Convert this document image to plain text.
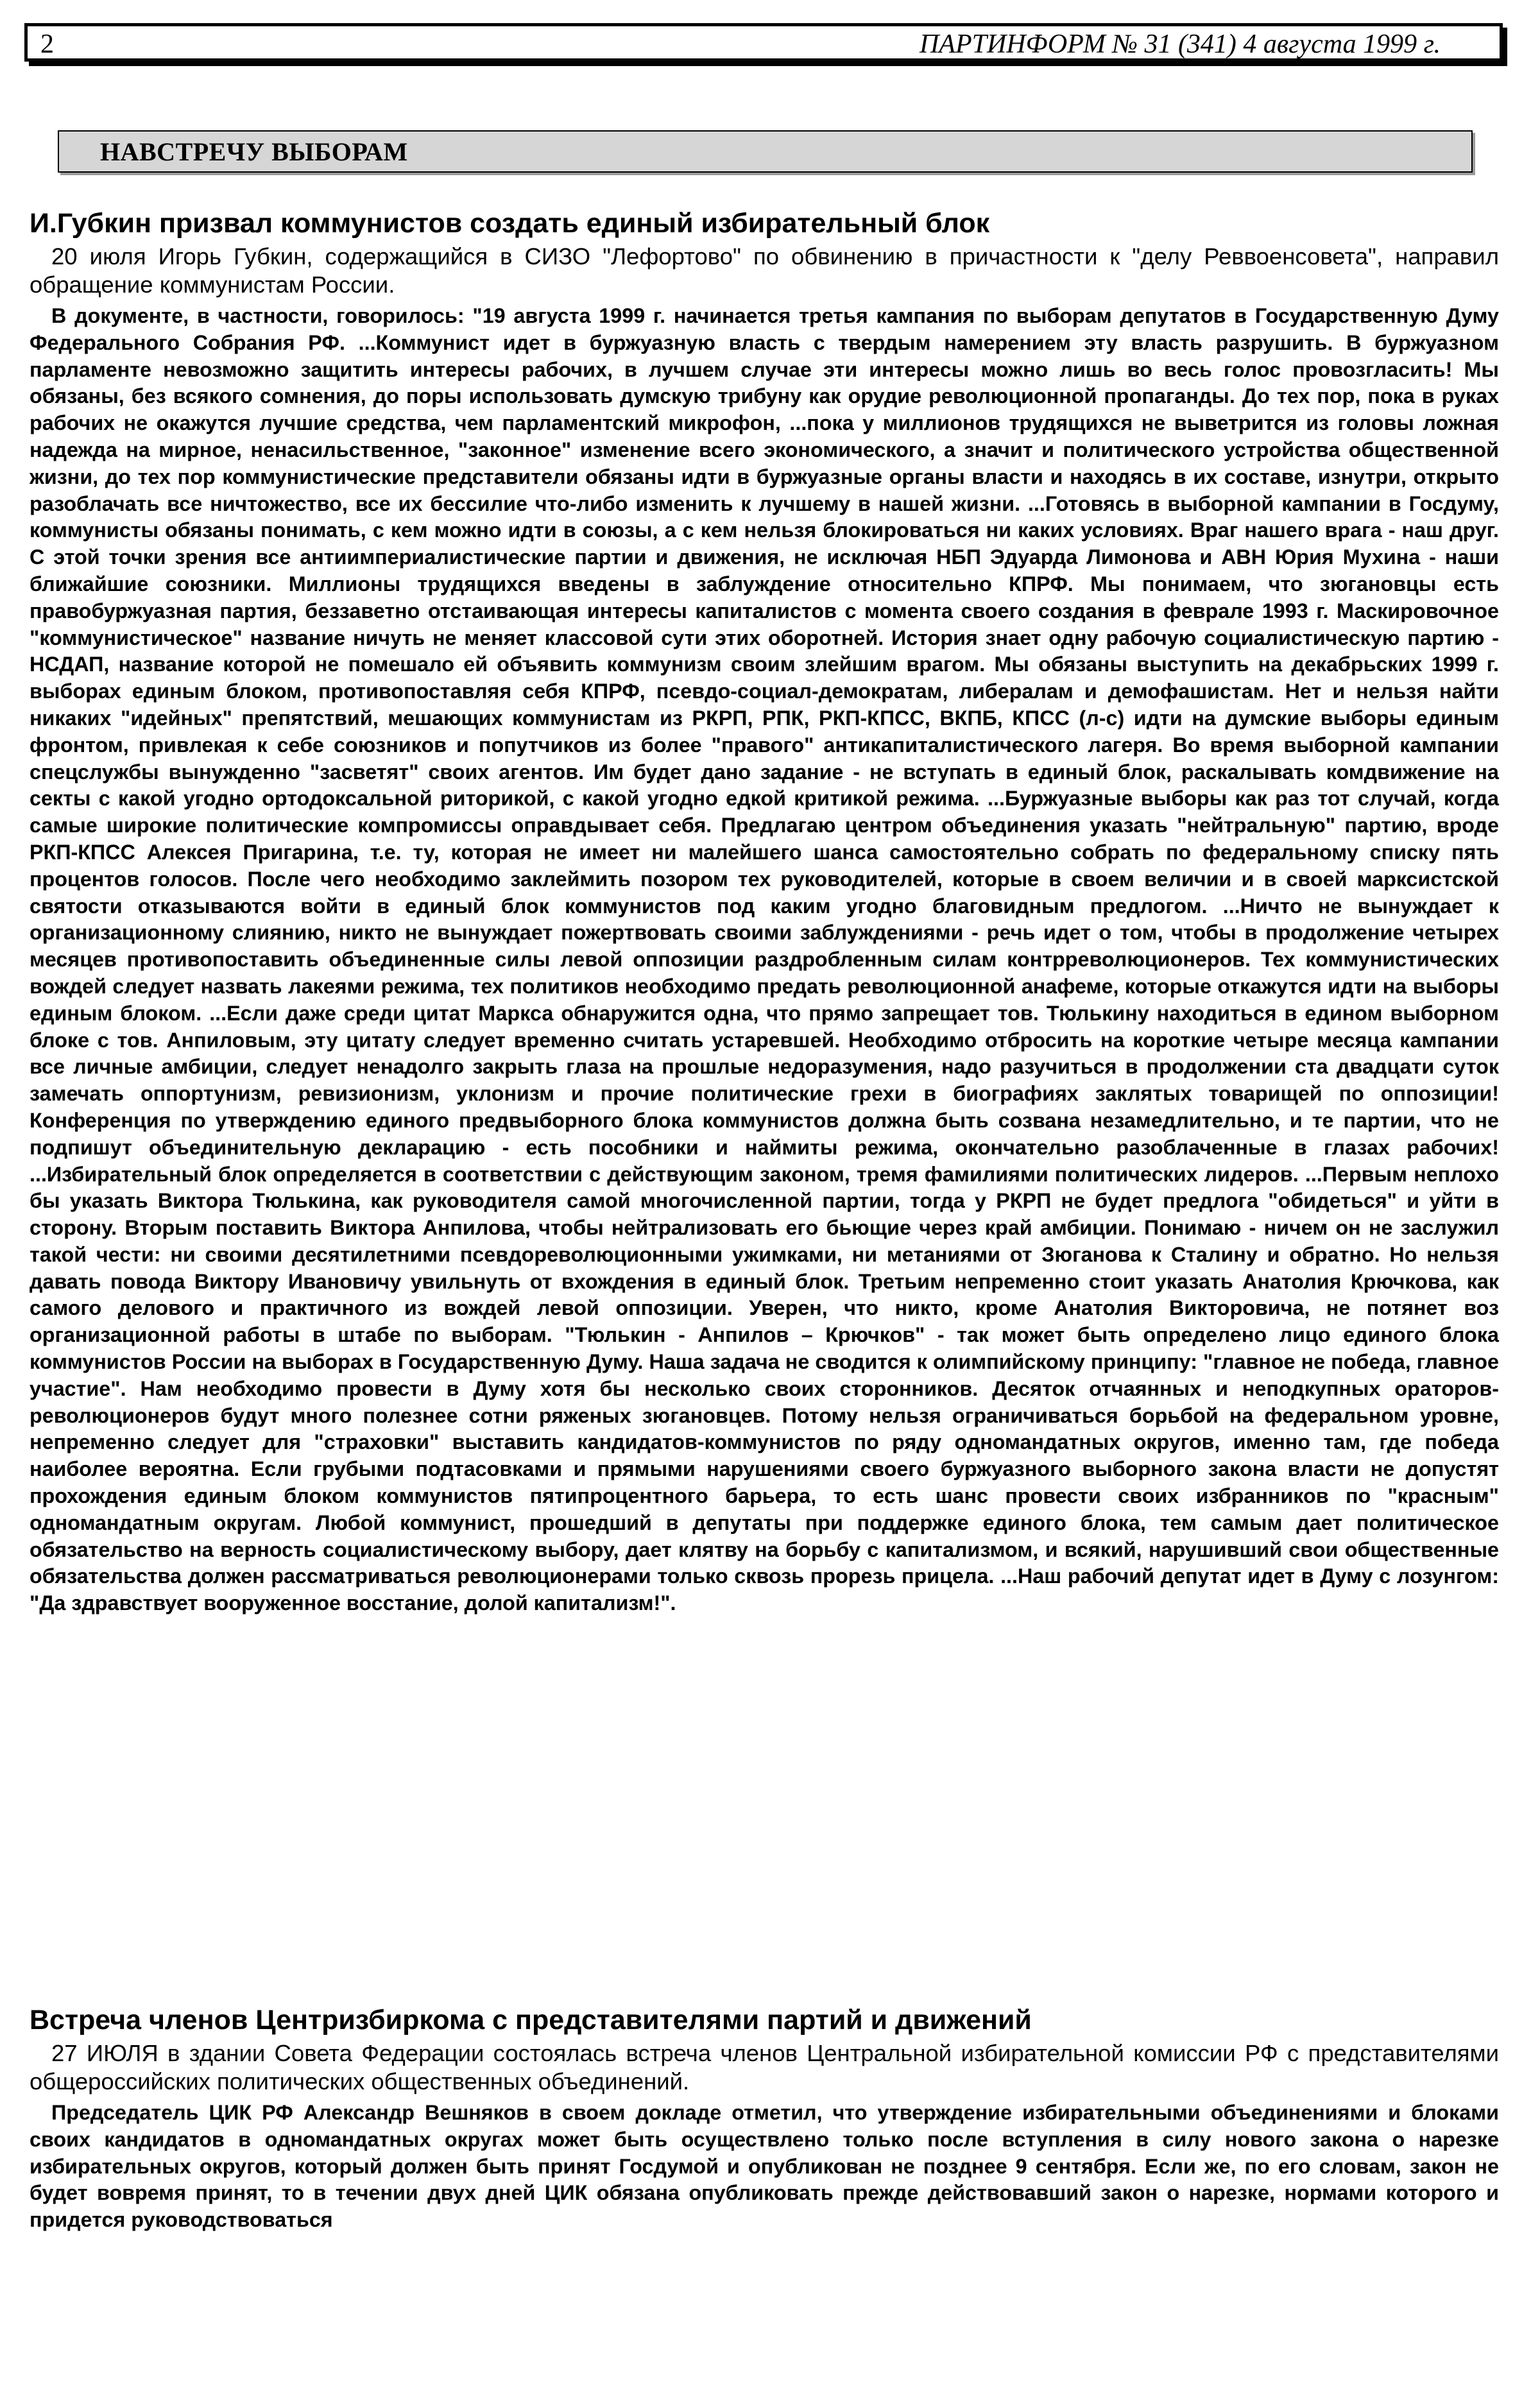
2	ПАРТИНФОРМ № 31 (341) 4 августа 1999 г.
НАВСТРЕЧУ ВЫБОРАМ
И.Губкин призвал коммунистов создать единый избирательный блок

20 июля Игорь Губкин, содержащийся в СИЗО "Лефортово" по обвинению в причастности к "делу Реввоенсовета", направил обращение коммунистам России.

В документе, в частности, говорилось: "19 августа 1999 г. начинается третья кампания по выборам депутатов в Государственную Думу Федерального Собрания РФ. ...Коммунист идет в буржуазную власть с твердым намерением эту власть разрушить. В буржуазном парламенте невозможно защитить интересы рабочих, в лучшем случае эти интересы можно лишь во весь голос провозгласить! Мы обязаны, без всякого сомнения, до поры использовать думскую трибуну как орудие революционной пропаганды. До тех пор, пока в руках рабочих не окажутся лучшие средства, чем парламентский микрофон, ...пока у миллионов трудящихся не выветрится из головы ложная надежда на мирное, ненасильственное, "законное" изменение всего экономического, а значит и политического устройства общественной жизни, до тех пор коммунистические представители обязаны идти в буржуазные органы власти и находясь в их составе, изнутри, открыто разоблачать все ничтожество, все их бессилие что-либо изменить к лучшему в нашей жизни. ...Готовясь в выборной кампании в Госдуму, коммунисты обязаны понимать, с кем можно идти в союзы, а с кем нельзя блокироваться ни каких условиях. Враг нашего врага - наш друг. С этой точки зрения все антиимпериалистические партии и движения, не исключая НБП Эдуарда Лимонова и АВН Юрия Мухина - наши ближайшие союзники. Миллионы трудящихся введены в заблуждение относительно КПРФ. Мы понимаем, что зюгановцы есть правобуржуазная партия, беззаветно отстаивающая интересы капиталистов с момента своего создания в феврале 1993 г. Маскировочное "коммунистическое" название ничуть не меняет классовой сути этих оборотней. История знает одну рабочую социалистическую партию - НСДАП, название которой не помешало ей объявить коммунизм своим злейшим врагом. Мы обязаны выступить на декабрьских 1999 г. выборах единым блоком, противопоставляя себя КПРФ, псевдо-социал-демократам, либералам и демофашистам. Нет и нельзя найти никаких "идейных" препятствий, мешающих коммунистам из РКРП, РПК, РКП-КПСС, ВКПБ, КПСС (л-с) идти на думские выборы единым фронтом, привлекая к себе союзников и попутчиков из более "правого" антикапиталистического лагеря. Во время выборной кампании спецслужбы вынужденно "засветят" своих агентов. Им будет дано задание - не вступать в единый блок, раскалывать комдвижение на секты с какой угодно ортодоксальной риторикой, с какой угодно едкой критикой режима. ...Буржуазные выборы как раз тот случай, когда самые широкие политические компромиссы оправдывает себя. Предлагаю центром объединения указать "нейтральную" партию, вроде РКП-КПСС Алексея Пригарина, т.е. ту, которая не имеет ни малейшего шанса самостоятельно собрать по федеральному списку пять процентов голосов. После чего необходимо заклеймить позором тех руководителей, которые в своем величии и в своей марксистской святости отказываются войти в единый блок коммунистов под каким угодно благовидным предлогом. ...Ничто не вынуждает к организационному слиянию, никто не вынуждает пожертвовать своими заблуждениями - речь идет о том, чтобы в продолжение четырех месяцев противопоставить объединенные силы левой оппозиции раздробленным силам контрреволюционеров. Тех коммунистических вождей следует назвать лакеями режима, тех политиков необходимо предать революционной анафеме, которые откажутся идти на выборы единым блоком. ...Если даже среди цитат Маркса обнаружится одна, что прямо запрещает тов. Тюлькину находиться в едином выборном блоке с тов. Анпиловым, эту цитату следует временно считать устаревшей. Необходимо отбросить на короткие четыре месяца кампании все личные амбиции, следует ненадолго закрыть глаза на прошлые недоразумения, надо разучиться в продолжении ста двадцати суток замечать оппортунизм, ревизионизм, уклонизм и прочие политические грехи в биографиях заклятых товарищей по оппозиции! Конференция по утверждению единого предвыборного блока коммунистов должна быть созвана незамедлительно, и те партии, что не подпишут объединительную декларацию - есть пособники и наймиты режима, окончательно разоблаченные в глазах рабочих! ...Избирательный блок определяется в соответствии с действующим законом, тремя фамилиями политических лидеров. ...Первым неплохо бы указать Виктора Тюлькина, как руководителя самой многочисленной партии, тогда у РКРП не будет предлога "обидеться" и уйти в сторону. Вторым поставить Виктора Анпилова, чтобы нейтрализовать его бьющие через край амбиции. Понимаю - ничем он не заслужил такой чести: ни своими десятилетними псевдореволюционными ужимками, ни метаниями от Зюганова к Сталину и обратно. Но нельзя давать повода Виктору Ивановичу увильнуть от вхождения в единый блок. Третьим непременно стоит указать Анатолия Крючкова, как самого делового и практичного из вождей левой оппозиции. Уверен, что никто, кроме Анатолия Викторовича, не потянет воз организационной работы в штабе по выборам. "Тюлькин - Анпилов – Крючков" - так может быть определено лицо единого блока коммунистов России на выборах в Государственную Думу. Наша задача не сводится к олимпийскому принципу: "главное не победа, главное участие". Нам необходимо провести в Думу хотя бы несколько своих сторонников. Десяток отчаянных и неподкупных ораторов-революционеров будут много полезнее сотни ряженых зюгановцев. Потому нельзя ограничиваться борьбой на федеральном уровне, непременно следует для "страховки" выставить кандидатов-коммунистов по ряду одномандатных округов, именно там, где победа наиболее вероятна. Если грубыми подтасовками и прямыми нарушениями своего буржуазного выборного закона власти не допустят прохождения единым блоком коммунистов пятипроцентного барьера, то есть шанс провести своих избранников по "красным" одномандатным округам. Любой коммунист, прошедший в депутаты при поддержке единого блока, тем самым дает политическое обязательство на верность социалистическому выбору, дает клятву на борьбу с капитализмом, и всякий, нарушивший свои общественные обязательства должен рассматриваться революционерами только сквозь прорезь прицела. ...Наш рабочий депутат идет в Думу с лозунгом: "Да здравствует вооруженное восстание, долой капитализм!".

Встреча членов Центризбиркома с представителями партий и движений

27 ИЮЛЯ в здании Совета Федерации состоялась встреча членов Центральной избирательной комиссии РФ с представителями общероссийских политических общественных объединений.

Председатель ЦИК РФ Александр Вешняков в своем докладе отметил, что утверждение избирательными объединениями и блоками своих кандидатов в одномандатных округах может быть осуществлено только после вступления в силу нового закона о нарезке избирательных округов, который должен быть принят Госдумой и опубликован не позднее 9 сентября. Если же, по его словам, закон не будет вовремя принят, то в течении двух дней ЦИК обязана опубликовать прежде действовавший закон о нарезке, нормами которого и придется руководствоваться
